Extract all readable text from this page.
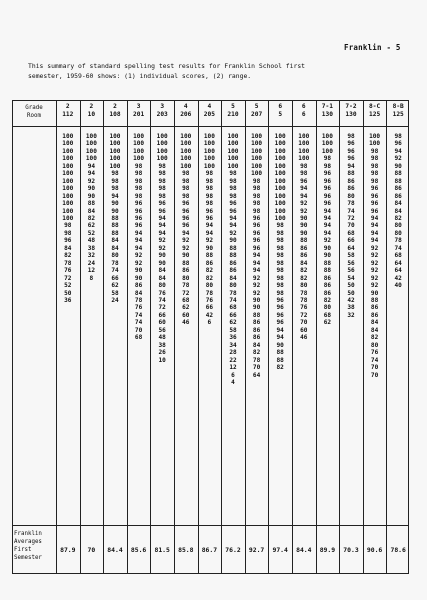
Franklin - 5
This summary of standard spelling test results for Franklin School first
semester, 1959-60 shows: (1) individual scores, (2) range.
Grade
Room
Franklin
Averages
First
Semester
2
112
100
100
100
100
100
100
100
100
100
100
100
100
98
98
96
84
82
78
76
72
52
50
36
87.9
2
10
100
100
100
100
94
94
92
90
90
88
84
82
62
52
48
38
32
24
12
8
70
2
108
100
100
100
100
100
98
98
98
94
90
90
88
88
88
84
84
80
78
74
66
62
58
24
84.4
3
201
100
100
100
100
98
98
98
98
98
96
96
96
96
94
94
94
92
92
90
90
86
84
78
76
74
74
70
68
85.6
3
203
100
100
100
100
98
98
98
98
98
96
96
94
94
94
92
92
90
90
84
84
80
76
74
72
66
60
56
48
38
26
10
81.5
4
206
100
100
100
100
100
98
98
98
98
96
96
96
96
94
92
92
90
88
86
80
78
72
68
62
60
46
85.8
4
205
100
100
100
100
100
98
98
98
98
98
96
96
94
94
92
90
88
86
82
82
80
78
76
66
42
6
86.7
5
210
100
100
100
100
100
98
98
98
98
96
96
94
94
92
90
88
88
86
86
84
80
78
74
68
66
62
58
36
34
28
22
12
6
4
76.2
5
207
100
100
100
100
100
100
98
98
98
98
98
96
96
96
96
96
94
94
94
92
92
92
90
90
88
86
86
86
84
82
78
70
64
92.7
6
5
100
100
100
100
100
100
100
100
100
100
100
100
98
98
98
98
98
98
98
98
98
98
96
96
96
96
94
94
90
88
88
82
97.4
6
6
100
100
100
100
98
98
96
94
94
92
92
90
90
90
88
86
86
84
82
82
80
78
78
76
72
70
60
46
84.4
7-1
130
100
100
100
98
98
96
96
96
96
96
94
94
94
94
92
90
90
88
88
86
86
86
82
80
68
62
89.9
7-2
130
98
96
96
96
94
88
86
86
80
78
74
72
70
68
66
64
58
56
56
54
50
50
42
38
32
70.3
8-C
125
100
100
98
98
98
98
98
96
96
96
96
94
94
94
94
92
92
92
92
92
92
90
88
86
86
84
84
82
80
76
74
70
70
90.6
8-B
125
98
96
94
92
90
88
88
86
86
84
84
82
80
80
78
74
68
64
64
42
40
78.6
